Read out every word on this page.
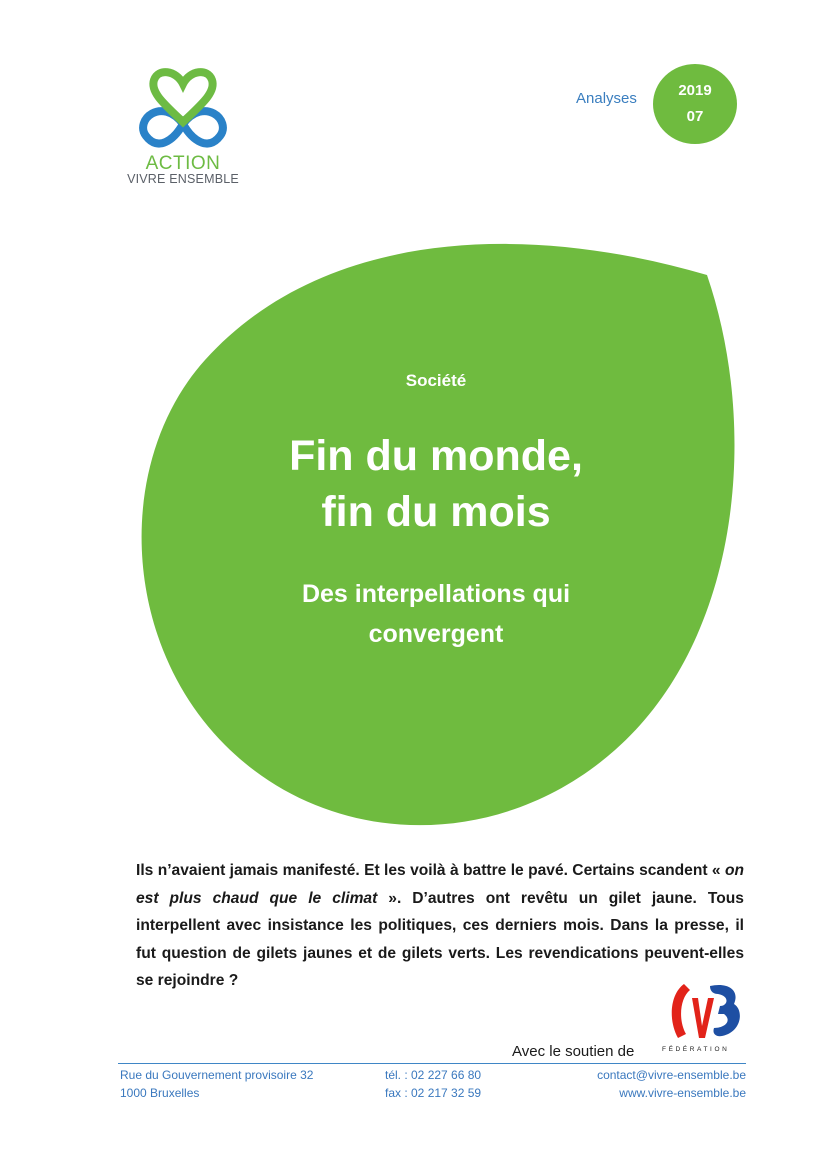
ACTION
VIVRE ENSEMBLE
Analyses	2019
07
Société
Fin du monde,
fin du mois
Des interpellations qui
convergent

Ils n’avaient jamais manifesté. Et les voilà à battre le pavé. Certains scandent « on est plus chaud que le climat ». D’autres ont revêtu un gilet jaune. Tous interpellent avec insistance les politiques, ces derniers mois. Dans la presse, il fut question de gilets jaunes et de gilets verts. Les revendications peuvent-elles se rejoindre ?

Avec le soutien de	FÉDÉRATION
Rue du Gouvernement provisoire 32
1000 Bruxelles
tél. : 02 227 66 80
fax : 02 217 32 59
contact@vivre-ensemble.be
www.vivre-ensemble.be
